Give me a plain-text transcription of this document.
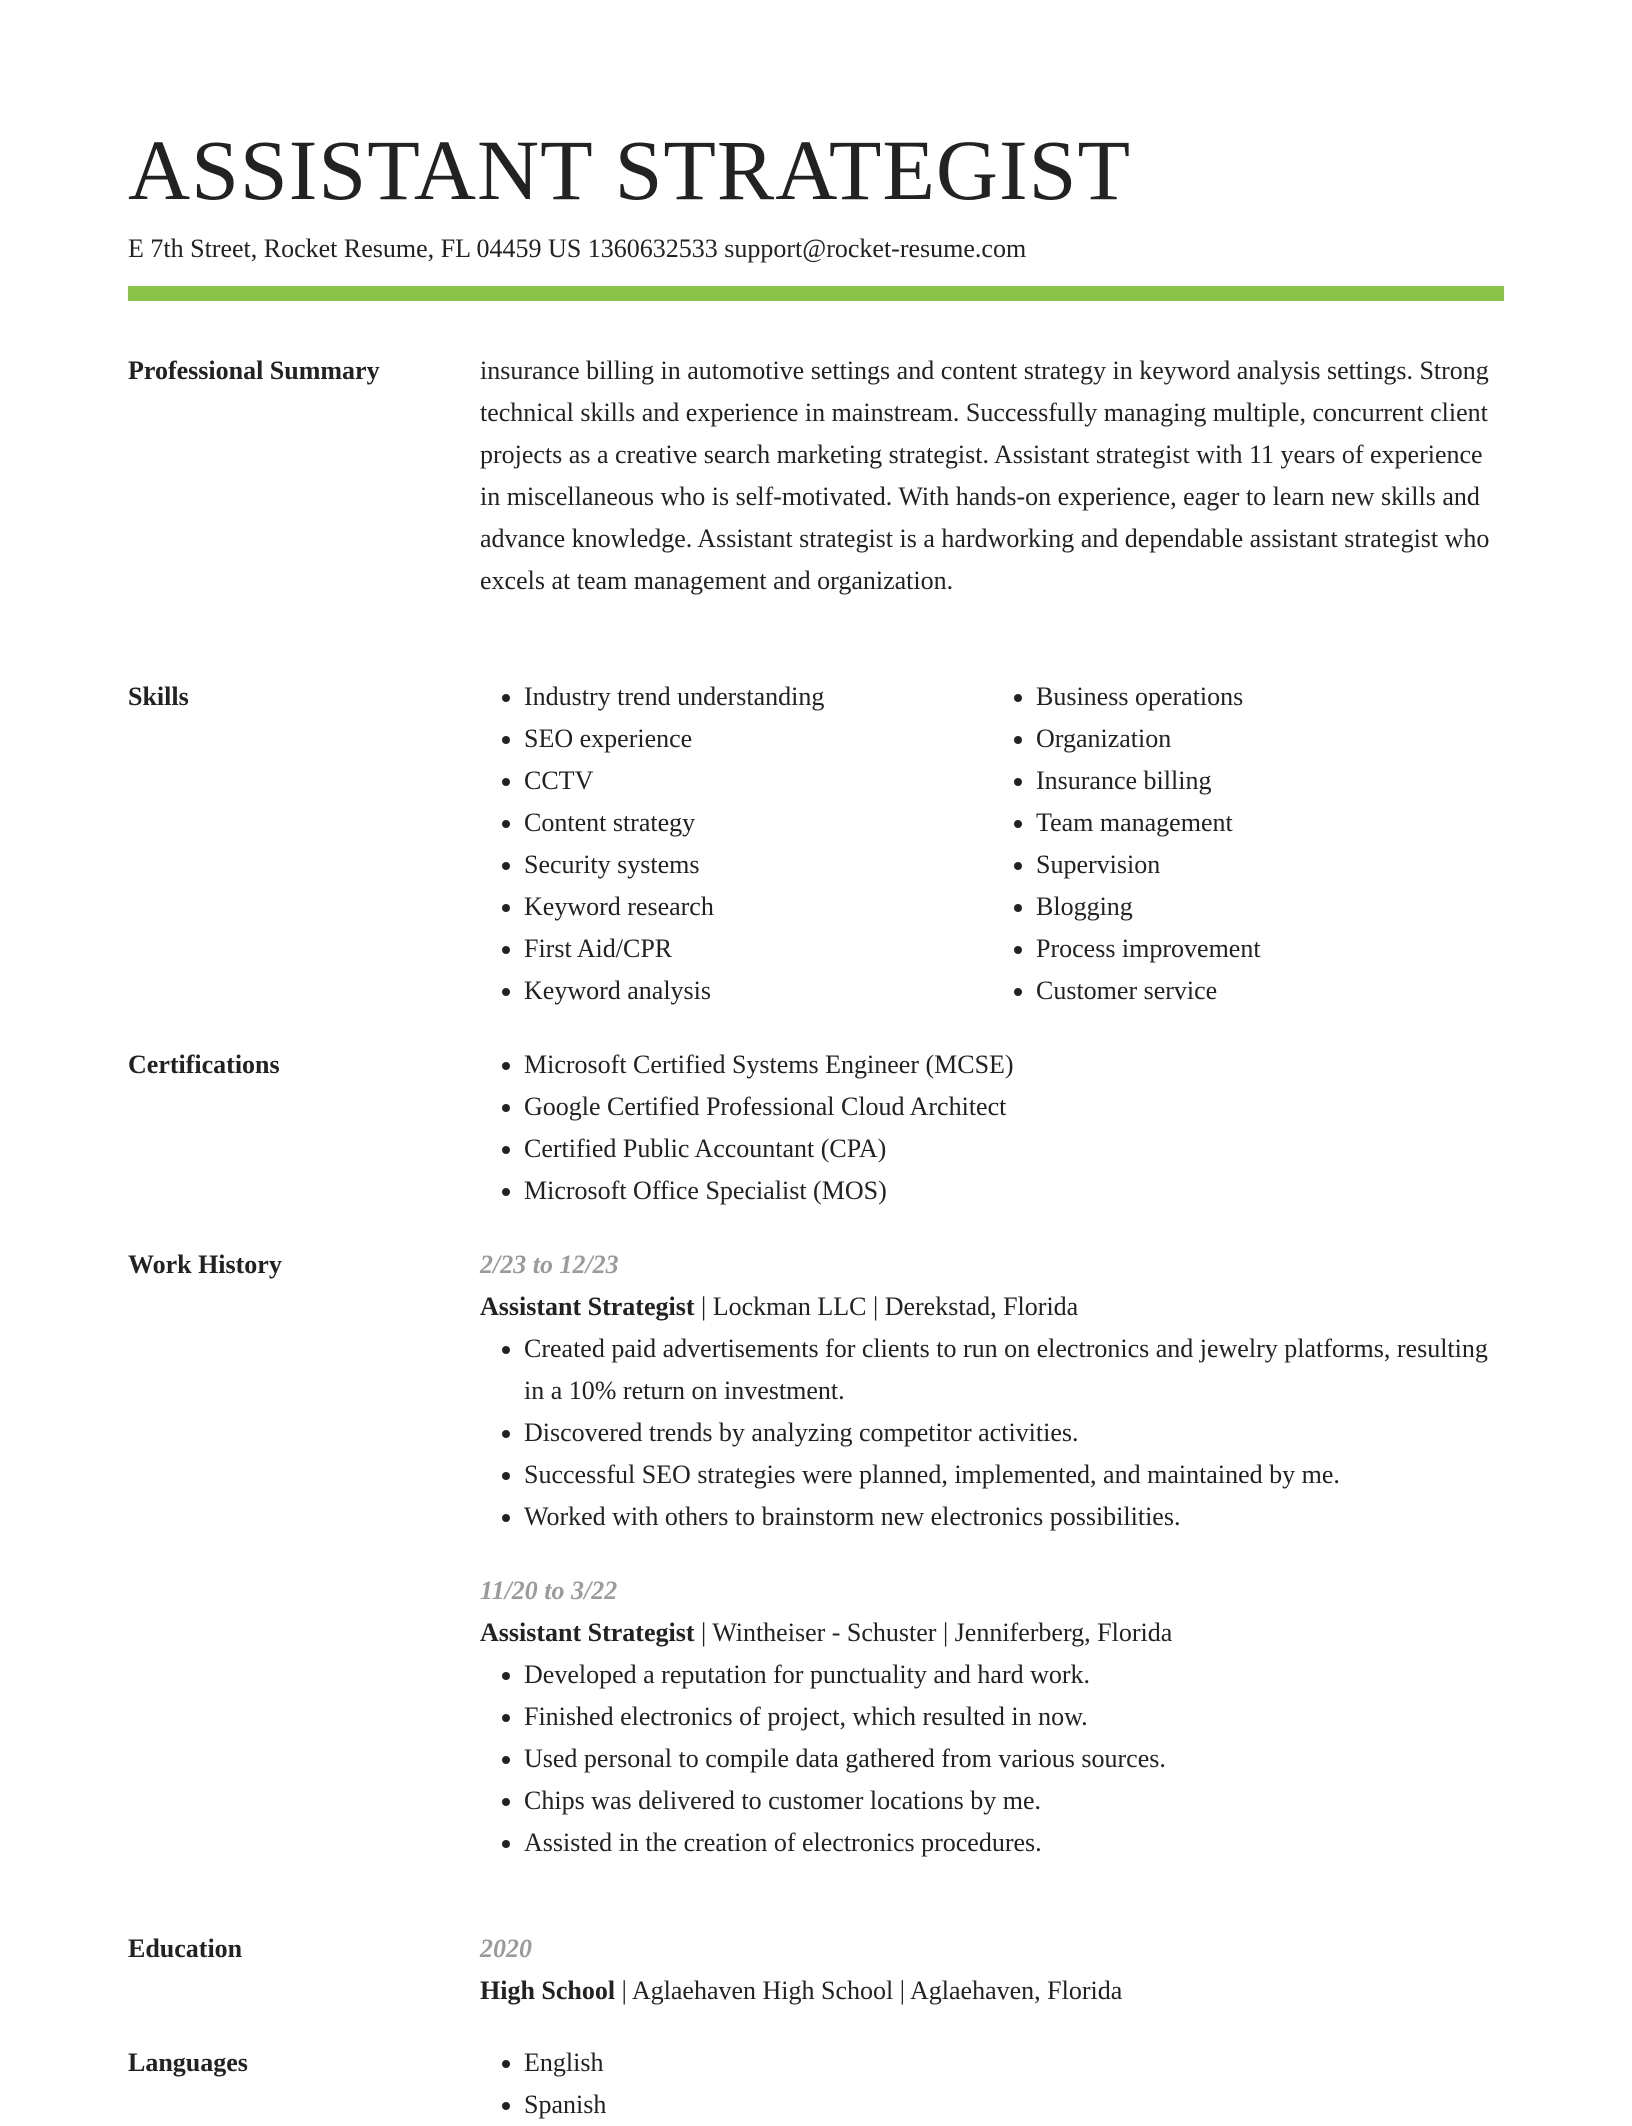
ASSISTANT STRATEGIST
E 7th Street, Rocket Resume, FL 04459 US 1360632533 support@rocket-resume.com
Professional Summary	insurance billing in automotive settings and content strategy in keyword analysis settings. Strong technical skills and experience in mainstream. Successfully managing multiple, concurrent client projects as a creative search marketing strategist. Assistant strategist with 11 years of experience in miscellaneous who is self-motivated. With hands-on experience, eager to learn new skills and advance knowledge. Assistant strategist is a hardworking and dependable assistant strategist who excels at team management and organization.

Skills	• Industry trend understanding
• SEO experience
• CCTV
• Content strategy
• Security systems
• Keyword research
• First Aid/CPR
• Keyword analysis
• Business operations
• Organization
• Insurance billing
• Team management
• Supervision
• Blogging
• Process improvement
• Customer service
Certifications	• Microsoft Certified Systems Engineer (MCSE)
• Google Certified Professional Cloud Architect
• Certified Public Accountant (CPA)
• Microsoft Office Specialist (MOS)
Work History	2/23 to 12/23
Assistant Strategist | Lockman LLC | Derekstad, Florida
• Created paid advertisements for clients to run on electronics and jewelry platforms, resulting in a 10% return on investment.
• Discovered trends by analyzing competitor activities.
• Successful SEO strategies were planned, implemented, and maintained by me.
• Worked with others to brainstorm new electronics possibilities.
11/20 to 3/22
Assistant Strategist | Wintheiser - Schuster | Jenniferberg, Florida
• Developed a reputation for punctuality and hard work.
• Finished electronics of project, which resulted in now.
• Used personal to compile data gathered from various sources.
• Chips was delivered to customer locations by me.
• Assisted in the creation of electronics procedures.
Education	2020
High School | Aglaehaven High School | Aglaehaven, Florida
Languages	• English
• Spanish
